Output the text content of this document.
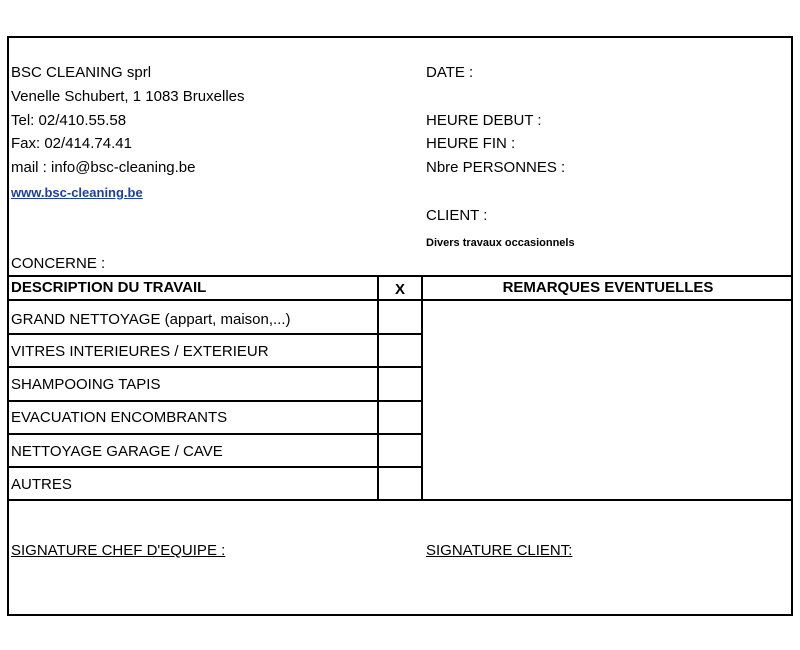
BSC CLEANING sprl
Venelle Schubert, 1 1083 Bruxelles
Tel: 02/410.55.58
Fax: 02/414.74.41
mail : info@bsc-cleaning.be
www.bsc-cleaning.be
DATE :
HEURE DEBUT :
HEURE FIN :
Nbre PERSONNES :
CLIENT :
Divers travaux occasionnels
CONCERNE :
DESCRIPTION DU TRAVAIL	X	REMARQUES EVENTUELLES
GRAND NETTOYAGE (appart, maison,...)
VITRES INTERIEURES / EXTERIEUR
SHAMPOOING TAPIS
EVACUATION ENCOMBRANTS
NETTOYAGE GARAGE / CAVE
AUTRES
SIGNATURE CHEF D'EQUIPE :	SIGNATURE CLIENT:
